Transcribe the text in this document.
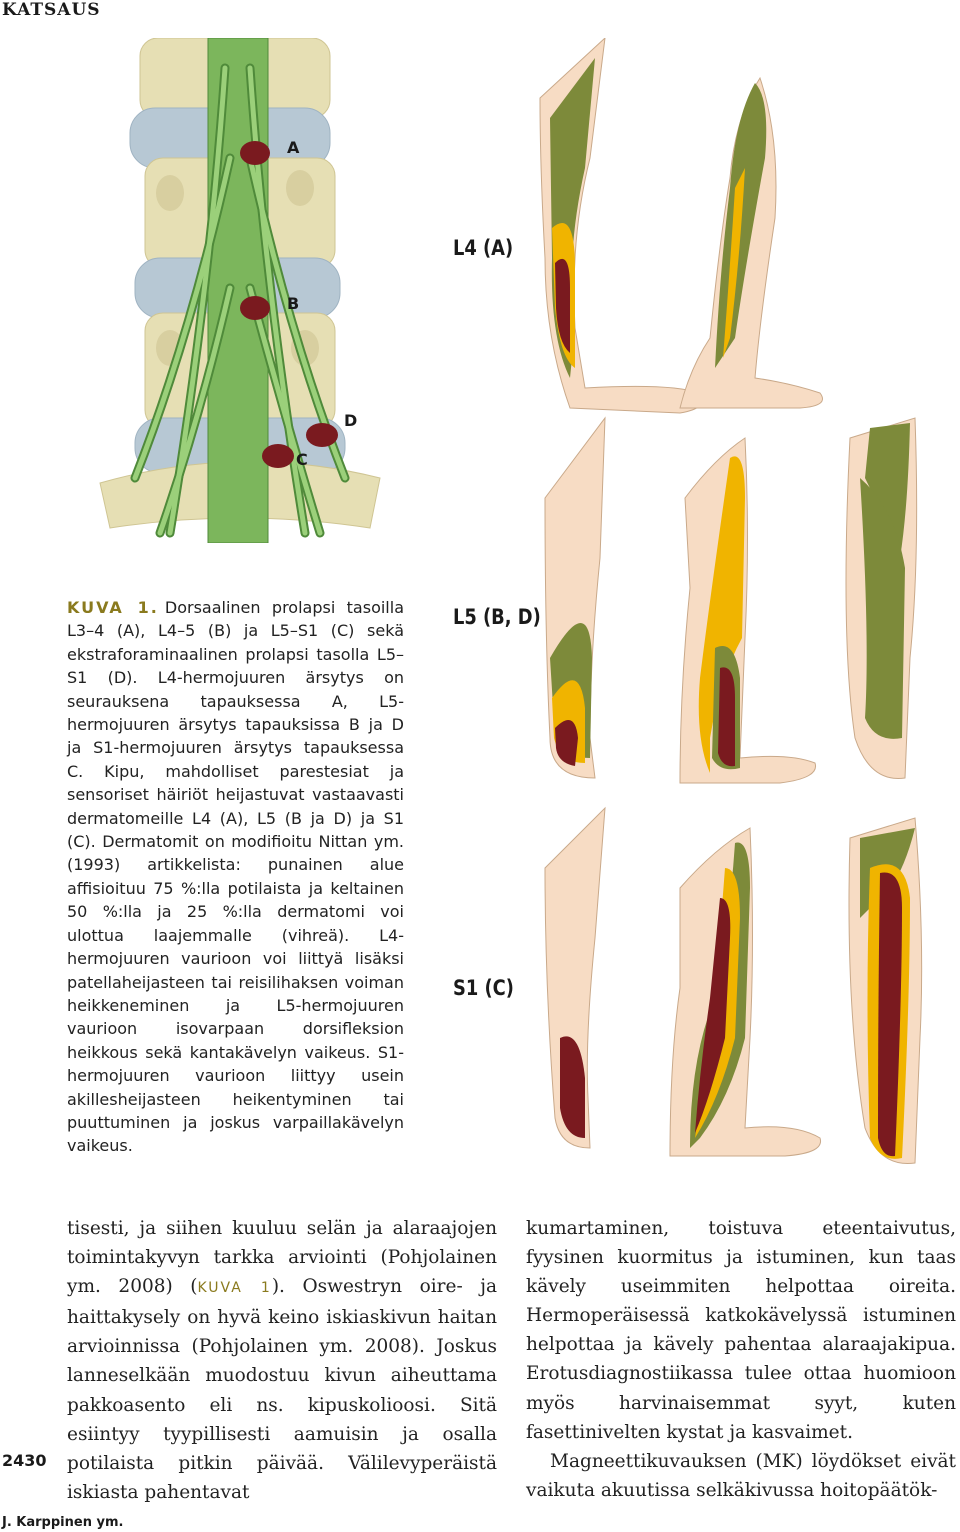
KATSAUS
A
B
C
D
L4 (A)
L5 (B, D)
S1 (C)
KUVA 1. Dorsaalinen prolapsi tasoilla L3–4 (A), L4–5 (B) ja L5–S1 (C) sekä ekstraforaminaalinen prolapsi tasolla L5–S1 (D). L4-hermojuuren ärsytys on seurauksena tapauksessa A, L5-hermojuuren ärsytys tapauksissa B ja D ja S1-hermojuuren ärsytys tapauksessa C. Kipu, mahdolliset parestesiat ja sensoriset häiriöt heijastuvat vastaavasti dermatomeille L4 (A), L5 (B ja D) ja S1 (C). Dermatomit on modifioitu Nittan ym. (1993) artikkelista: punainen alue affisioituu 75 %:lla potilaista ja keltainen 50 %:lla ja 25 %:lla dermatomi voi ulottua laajemmalle (vihreä). L4-hermojuuren vaurioon voi liittyä lisäksi patellaheijasteen tai reisilihaksen voiman heikkeneminen ja L5-hermojuuren vaurioon isovarpaan dorsifleksion heikkous sekä kantakävelyn vaikeus. S1-hermojuuren vaurioon liittyy usein akillesheijasteen heikentyminen tai puuttuminen ja joskus varpaillakävelyn vaikeus.
tisesti, ja siihen kuuluu selän ja alaraajojen toimintakyvyn tarkka arviointi (Pohjolainen ym. 2008) (KUVA 1). Oswestryn oire- ja haittakysely on hyvä keino iskiaskivun haitan arvioinnissa (Pohjolainen ym. 2008). Joskus lanneselkään muodostuu kivun aiheuttama pakkoasento eli ns. kipuskolioosi. Sitä esiintyy tyypillisesti aamuisin ja osalla potilaista pitkin päivää. Välilevyperäistä iskiasta pahentavat
kumartaminen, toistuva eteentaivutus, fyysinen kuormitus ja istuminen, kun taas kävely useimmiten helpottaa oireita. Hermoperäisessä katkokävelyssä istuminen helpottaa ja kävely pahentaa alaraajakipua. Erotusdiagnostiikassa tulee ottaa huomioon myös harvinaisemmat syyt, kuten fasettinivelten kystat ja kasvaimet.
Magneettikuvauksen (MK) löydökset eivät vaikuta akuutissa selkäkivussa hoitopäätök-
2430
J. Karppinen ym.
